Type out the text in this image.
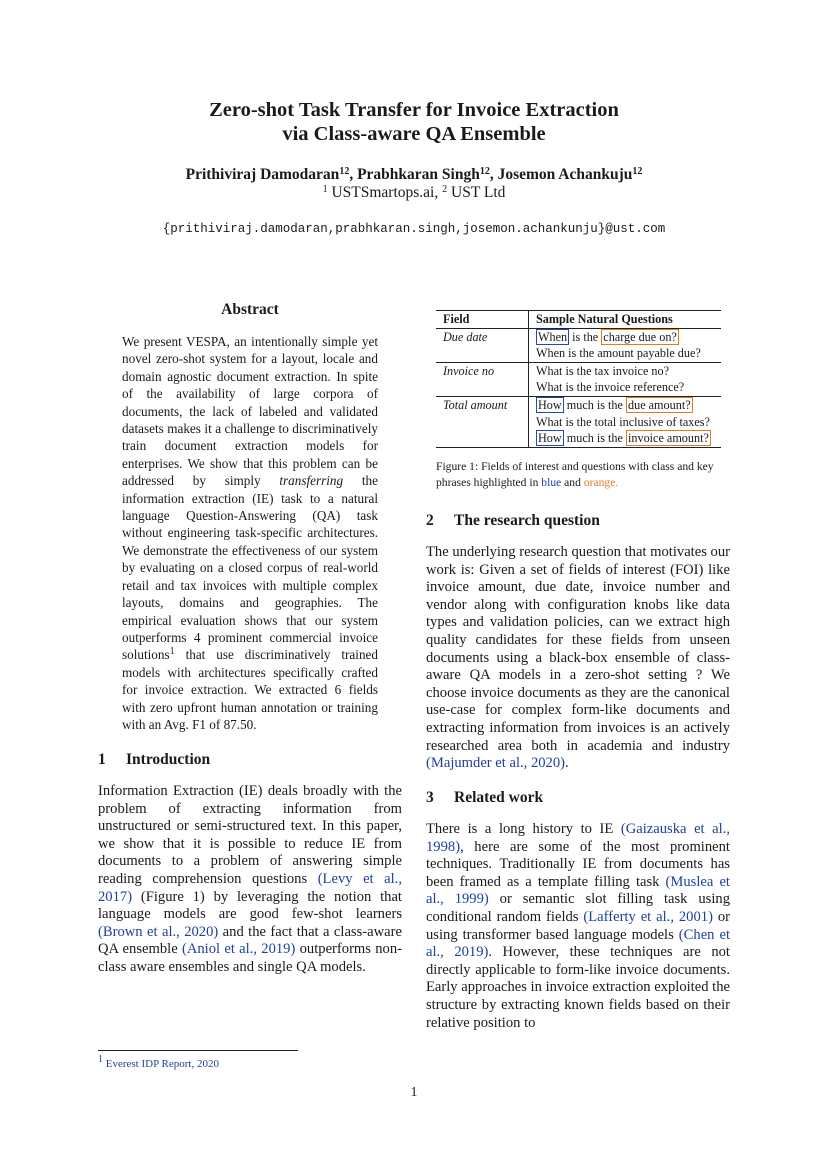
Zero-shot Task Transfer for Invoice Extraction
via Class-aware QA Ensemble
Prithiviraj Damodaran$^{12}$, Prabhkaran Singh$^{12}$, Josemon Achankuju$^{12}$
$^1$ USTSmartops.ai, $^2$ UST Ltd
{prithiviraj.damodaran,prabhkaran.singh,josemon.achankunju}@ust.com
Abstract
We present VESPA, an intentionally simple yet novel zero-shot system for a layout, locale and domain agnostic document extraction. In spite of the availability of large corpora of documents, the lack of labeled and validated datasets makes it a challenge to discriminatively train document extraction models for enterprises. We show that this problem can be addressed by simply transferring the information extraction (IE) task to a natural language Question-Answering (QA) task without engineering task-specific architectures. We demonstrate the effectiveness of our system by evaluating on a closed corpus of real-world retail and tax invoices with multiple complex layouts, domains and geographies. The empirical evaluation shows that our system outperforms 4 prominent commercial invoice solutions$^1$ that use discriminatively trained models with architectures specifically crafted for invoice extraction. We extracted 6 fields with zero upfront human annotation or training with an Avg. F1 of 87.50.
1 Introduction
Information Extraction (IE) deals broadly with the problem of extracting information from unstructured or semi-structured text. In this paper, we show that it is possible to reduce IE from documents to a problem of answering simple reading comprehension questions (Levy et al., 2017) (Figure 1) by leveraging the notion that language models are good few-shot learners (Brown et al., 2020) and the fact that a class-aware QA ensemble (Aniol et al., 2019) outperforms non-class aware ensembles and single QA models.
Field	Sample Natural Questions
Due date	When is the charge due on?
	When is the amount payable due?
Invoice no	What is the tax invoice no?
	What is the invoice reference?
Total amount	How much is the due amount?
	What is the total inclusive of taxes?
	How much is the invoice amount?
Figure 1: Fields of interest and questions with class and key phrases highlighted in blue and orange.
2 The research question
The underlying research question that motivates our work is: Given a set of fields of interest (FOI) like invoice amount, due date, invoice number and vendor along with configuration knobs like data types and validation policies, can we extract high quality candidates for these fields from unseen documents using a black-box ensemble of class-aware QA models in a zero-shot setting ? We choose invoice documents as they are the canonical use-case for complex form-like documents and extracting information from invoices is an actively researched area both in academia and industry (Majumder et al., 2020).
3 Related work
There is a long history to IE (Gaizauska et al., 1998), here are some of the most prominent techniques. Traditionally IE from documents has been framed as a template filling task (Muslea et al., 1999) or semantic slot filling task using conditional random fields (Lafferty et al., 2001) or using transformer based language models (Chen et al., 2019). However, these techniques are not directly applicable to form-like invoice documents. Early approaches in invoice extraction exploited the structure by extracting known fields based on their relative position to
$^1$ Everest IDP Report, 2020
1
